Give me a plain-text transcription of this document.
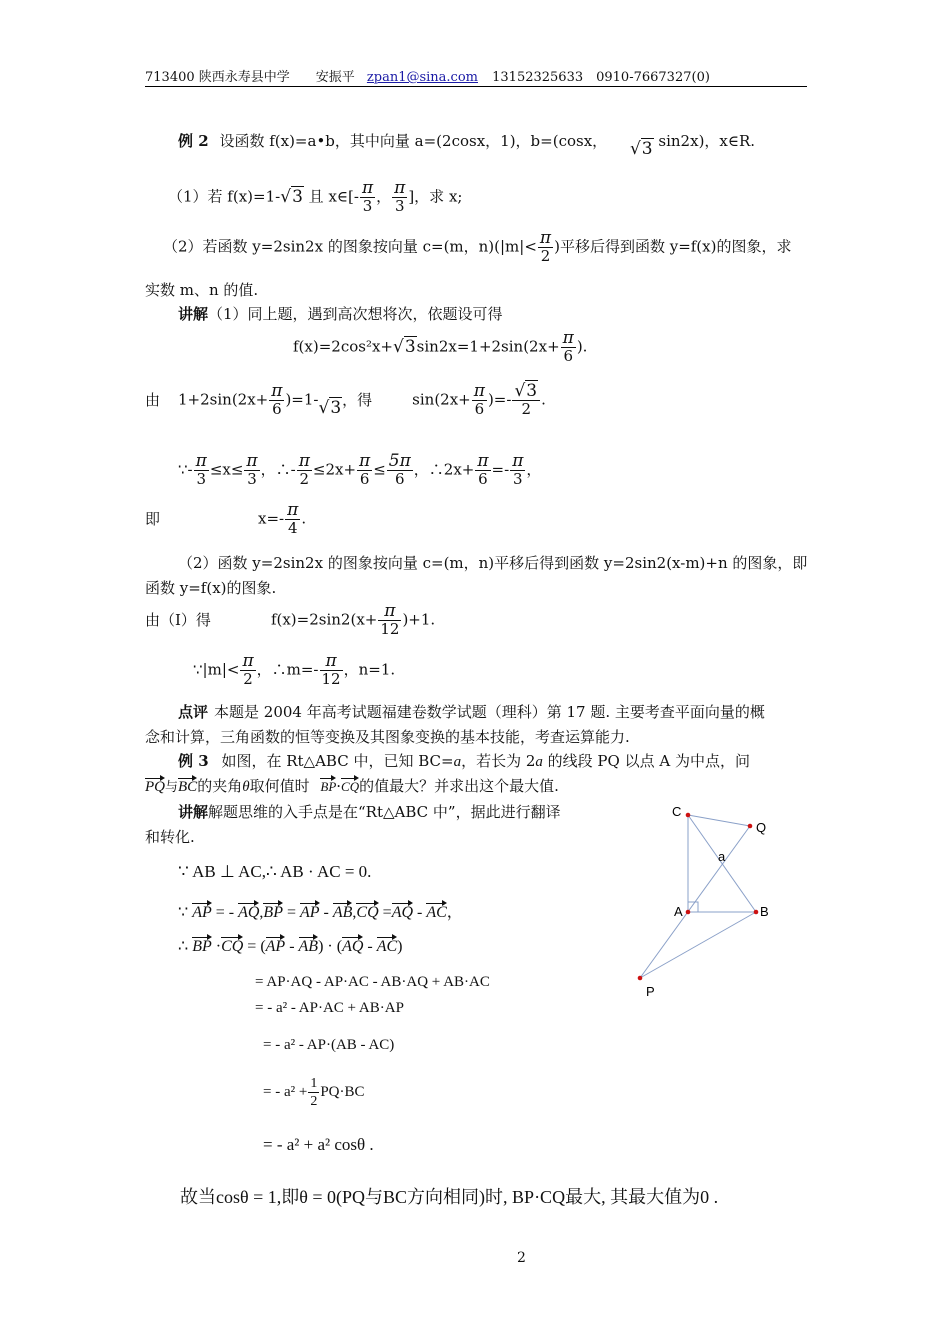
713400 陕西永寿县中学　　安振平 zpan1@sina.com 13152325633　0910-7667327(0)
例 2 设函数 f(x)=a•b，其中向量 a=(2cosx，1)，b=(cosx， √3 sin2x)，x∈R.
（1）若 f(x)=1-√3 且 x∈[- $\frac{\pi}{3}$ ， $\frac{\pi}{3}$ ]，求 x;
（2）若函数 y=2sin2x 的图象按向量 c=(m，$n)(|m|< \frac{\pi}{2}$ )平移后得到函数 y=f(x)的图象，求
实数 m、n 的值.
讲解（1）同上题，遇到高次想将次，依题设可得
$f(x)=2\cos^2x+√3\sin 2x=1+2\sin(2x+ \frac{\pi}{6}$ ).
由 $1+2\sin(2x+ \frac{\pi}{6} )=1-√3$，得	$\sin(2x+ \frac{\pi}{6}$ )=- $\frac{√3}{2}$ .
∵- $\frac{\pi}{3} \le x\le \frac{\pi}{3}$ ，∴- $\frac{\pi}{2} \le 2x+ \frac{\pi}{6} \le \frac{5\pi}{6}$ ，∴2x+ $\frac{\pi}{6} =- \frac{\pi}{3}$ ，
即	$x=- \frac{\pi}{4}$ .
（2）函数 y=2sin2x 的图象按向量 c=(m，n)平移后得到函数 y=2sin2(x-m)+n 的图象，即
函数 y=f(x)的图象.
由（Ⅰ）得	$f(x)=2\sin 2(x+ \frac{\pi}{12} )+1$.
∵|m|< $\frac{\pi}{2}$ ，∴m=- $\frac{\pi}{12}$ ，n=1.
点评 本题是 2004 年高考试题福建卷数学试题（理科）第 17 题. 主要考查平面向量的概
念和计算，三角函数的恒等变换及其图象变换的基本技能，考查运算能力.
例 3 如图，在 Rt△ABC 中，已知 BC=a，若长为 2a 的线段 PQ 以点 A 为中点，问
PQ与BC的夹角θ取何值时 BP·CQ的值最大？并求出这个最大值.
讲解解题思维的入手点是在“Rt△ABC 中”，据此进行翻译
和转化.
∵ AB ⊥ AC,∴ AB · AC = 0.
∵ AP = - AQ,BP = AP - AB,CQ =AQ - AC，
∴ BP ·CQ = (AP - AB) · (AQ - AC)
= AP·AQ - AP·AC - AB·AQ + AB·AC
= - a² - AP·AC + AB·AP
= - a² - AP·(AB - AC)
= - $a^2 + \frac{1}{2} PQ\cdot BC$
= - a² + a² cosθ .
故当cosθ = 1,即θ = 0(PQ与BC方向相同)时, BP·CQ最大, 其最大值为0 .
C
Q
a
A	B
P
2
